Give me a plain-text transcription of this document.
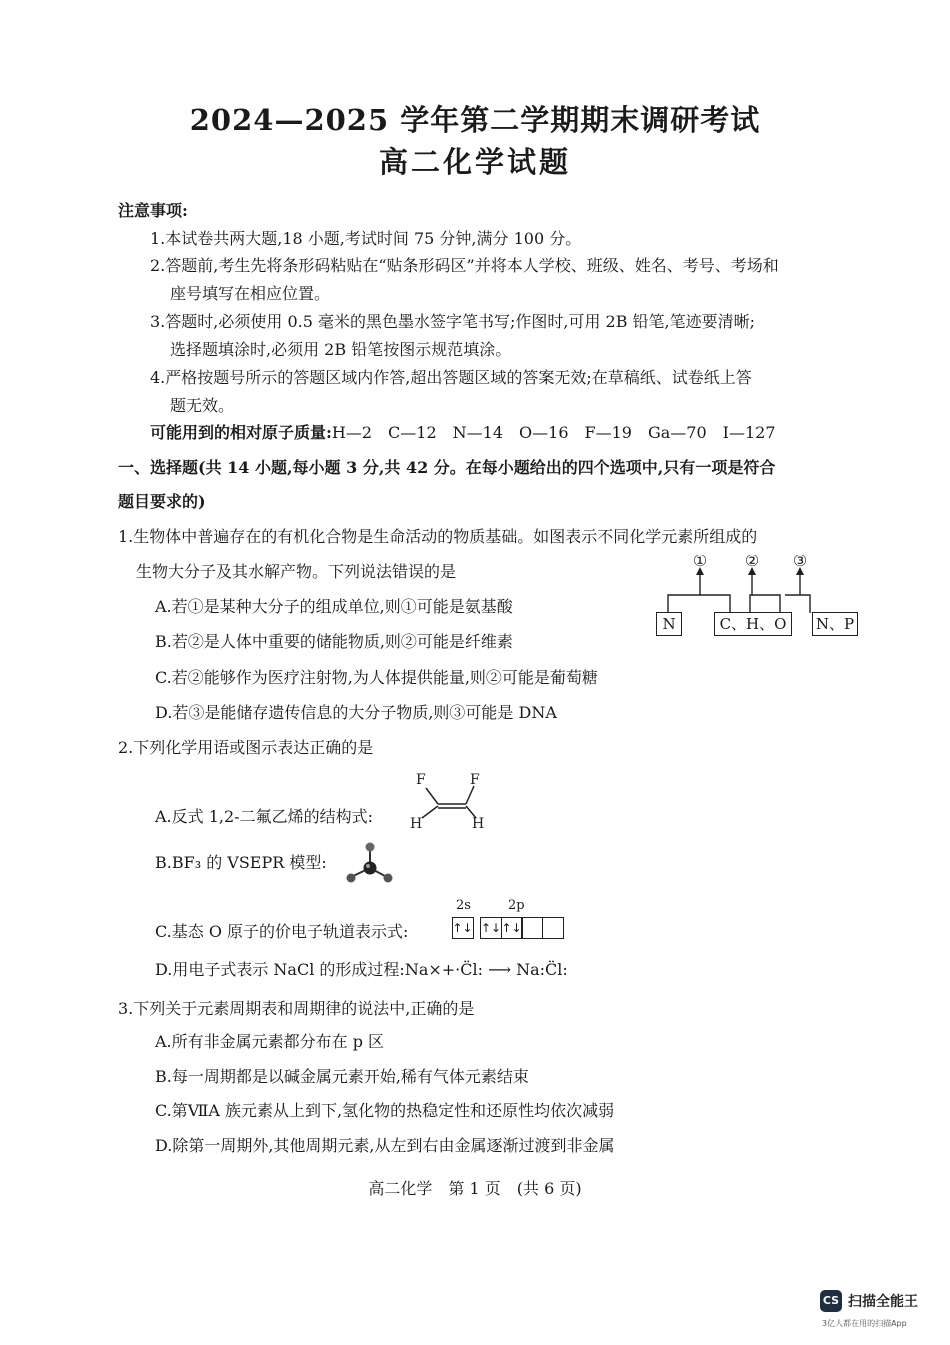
2024—2025 学年第二学期期末调研考试
高二化学试题
注意事项:
1.本试卷共两大题,18 小题,考试时间 75 分钟,满分 100 分。
2.答题前,考生先将条形码粘贴在“贴条形码区”并将本人学校、班级、姓名、考号、考场和
座号填写在相应位置。
3.答题时,必须使用 0.5 毫米的黑色墨水签字笔书写;作图时,可用 2B 铅笔,笔迹要清晰;
选择题填涂时,必须用 2B 铅笔按图示规范填涂。
4.严格按题号所示的答题区域内作答,超出答题区域的答案无效;在草稿纸、试卷纸上答
题无效。
可能用到的相对原子质量:H—2　C—12　N—14　O—16　F—19　Ga—70　I—127
一、选择题(共 14 小题,每小题 3 分,共 42 分。在每小题给出的四个选项中,只有一项是符合
题目要求的)
1.生物体中普遍存在的有机化合物是生命活动的物质基础。如图表示不同化学元素所组成的
生物大分子及其水解产物。下列说法错误的是
A.若①是某种大分子的组成单位,则①可能是氨基酸
B.若②是人体中重要的储能物质,则②可能是纤维素
C.若②能够作为医疗注射物,为人体提供能量,则②可能是葡萄糖
D.若③是能储存遗传信息的大分子物质,则③可能是 DNA
① ② ③
N	C、H、O	N、P
2.下列化学用语或图示表达正确的是
A.反式 1,2-二氟乙烯的结构式:
F	F
H	H
B.BF₃ 的 VSEPR 模型:
C.基态 O 原子的价电子轨道表示式:
2s	2p
↑↓ ↑↓↑↓
D.用电子式表示 NaCl 的形成过程:Na×+·C̈l: ⟶ Na:C̈l:
3.下列关于元素周期表和周期律的说法中,正确的是
A.所有非金属元素都分布在 p 区
B.每一周期都是以碱金属元素开始,稀有气体元素结束
C.第ⅦA 族元素从上到下,氢化物的热稳定性和还原性均依次减弱
D.除第一周期外,其他周期元素,从左到右由金属逐渐过渡到非金属
高二化学　第 1 页　(共 6 页)
CS 扫描全能王
3亿人都在用的扫描App
